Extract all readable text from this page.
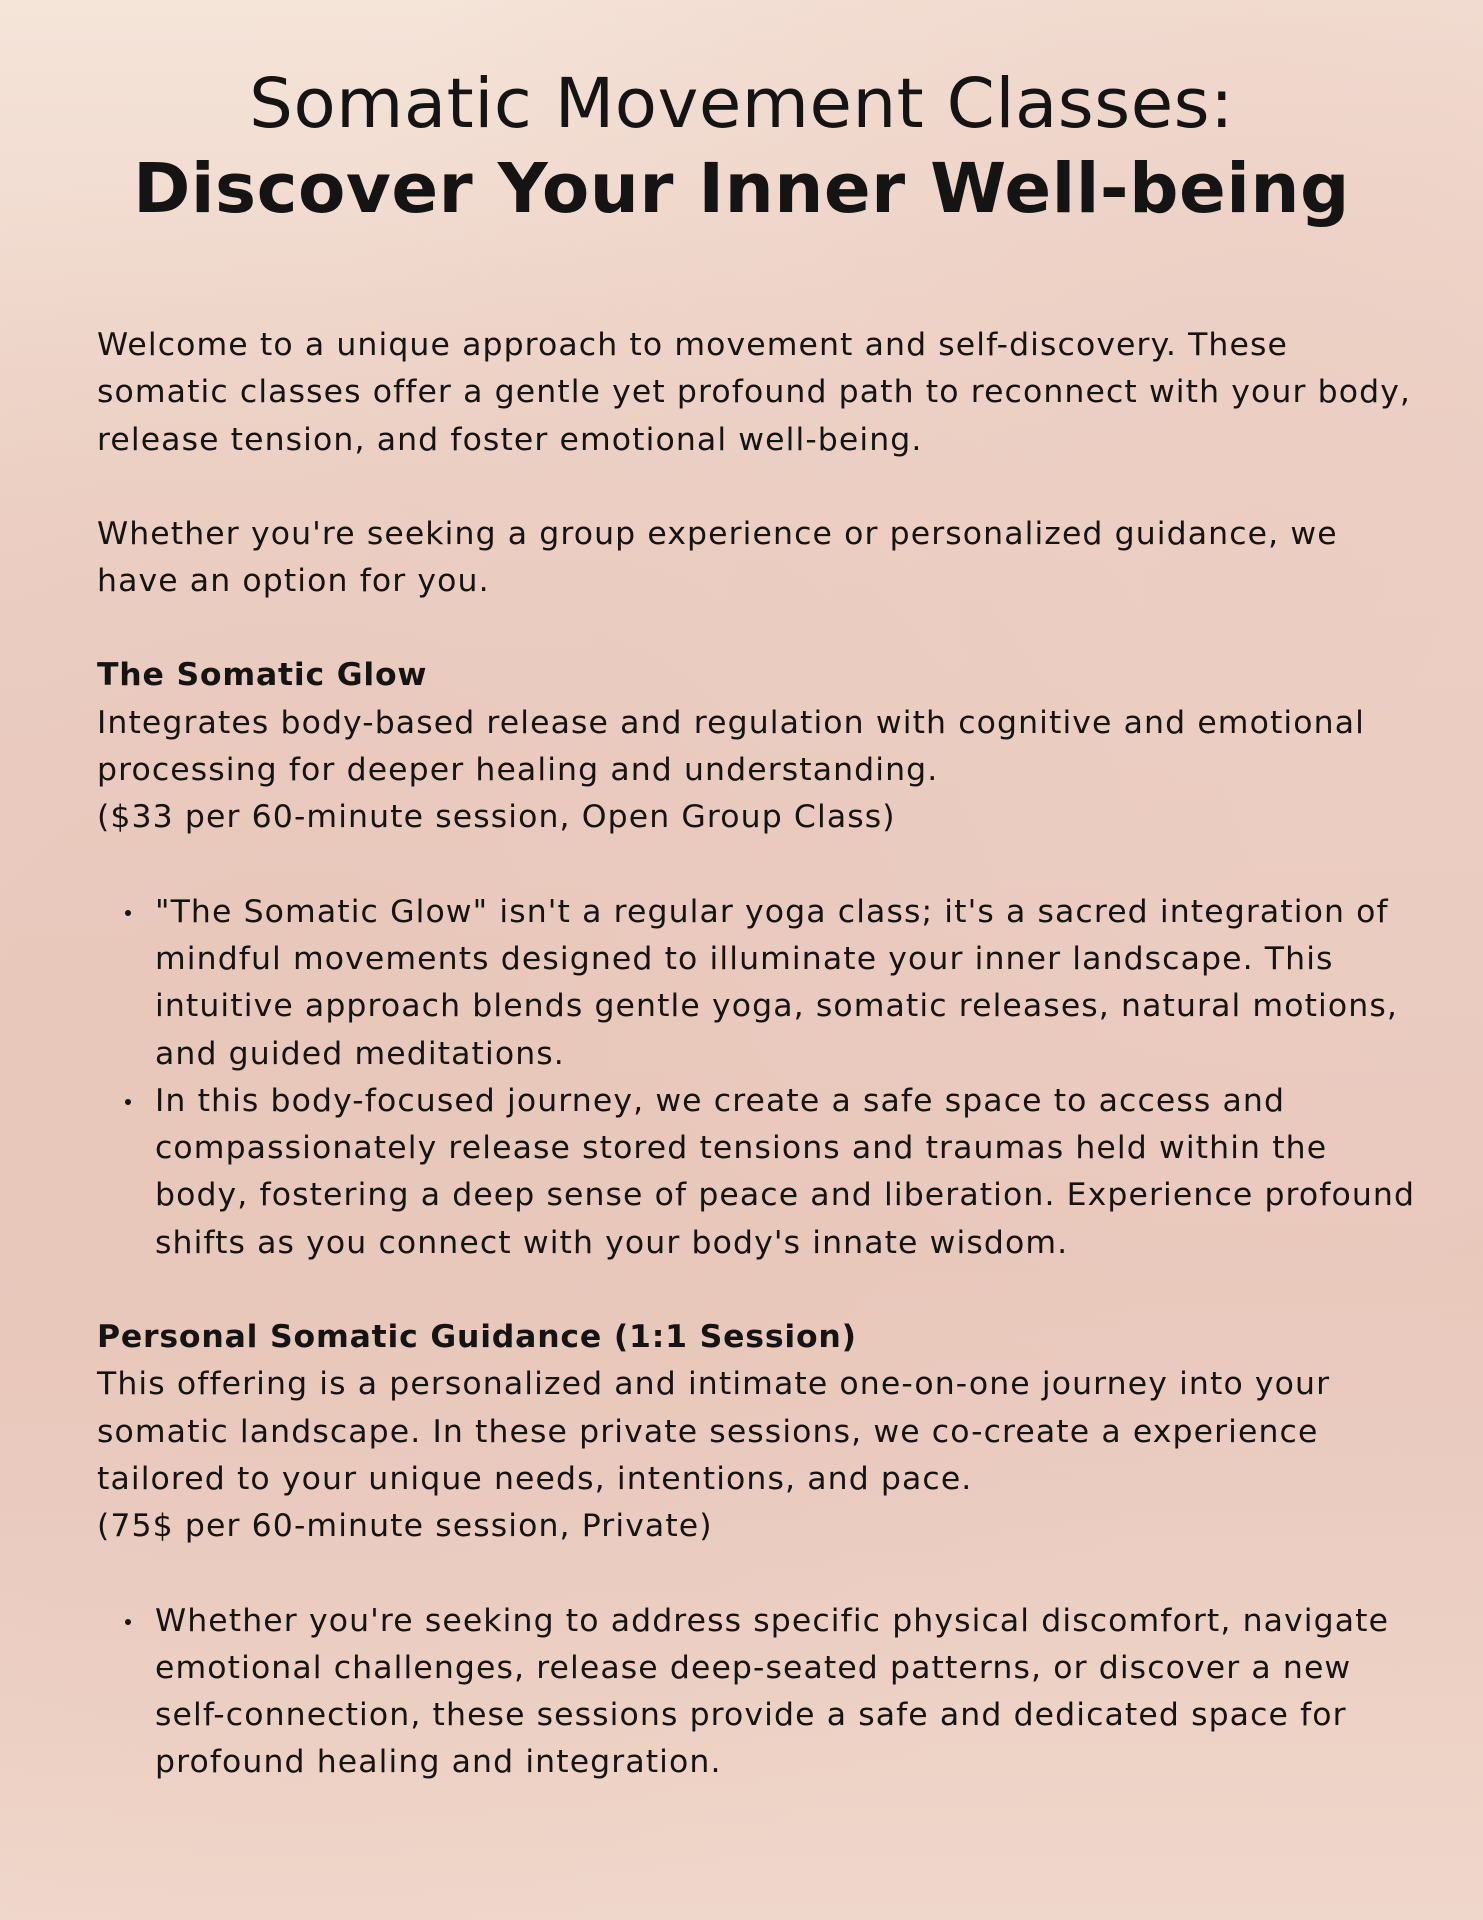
Somatic Movement Classes:
Discover Your Inner Well-being

Welcome to a unique approach to movement and self-discovery. These somatic classes offer a gentle yet profound path to reconnect with your body, release tension, and foster emotional well-being.

Whether you're seeking a group experience or personalized guidance, we have an option for you.

The Somatic Glow

Integrates body-based release and regulation with cognitive and emotional processing for deeper healing and understanding.

($33 per 60-minute session, Open Group Class)

"The Somatic Glow" isn't a regular yoga class; it's a sacred integration of mindful movements designed to illuminate your inner landscape. This intuitive approach blends gentle yoga, somatic releases, natural motions, and guided meditations.
In this body-focused journey, we create a safe space to access and compassionately release stored tensions and traumas held within the body, fostering a deep sense of peace and liberation. Experience profound shifts as you connect with your body's innate wisdom.

Personal Somatic Guidance (1:1 Session)

This offering is a personalized and intimate one-on-one journey into your somatic landscape. In these private sessions, we co-create a experience tailored to your unique needs, intentions, and pace.

(75$ per 60-minute session, Private)

Whether you're seeking to address specific physical discomfort, navigate emotional challenges, release deep-seated patterns, or discover a new self-connection, these sessions provide a safe and dedicated space for profound healing and integration.
